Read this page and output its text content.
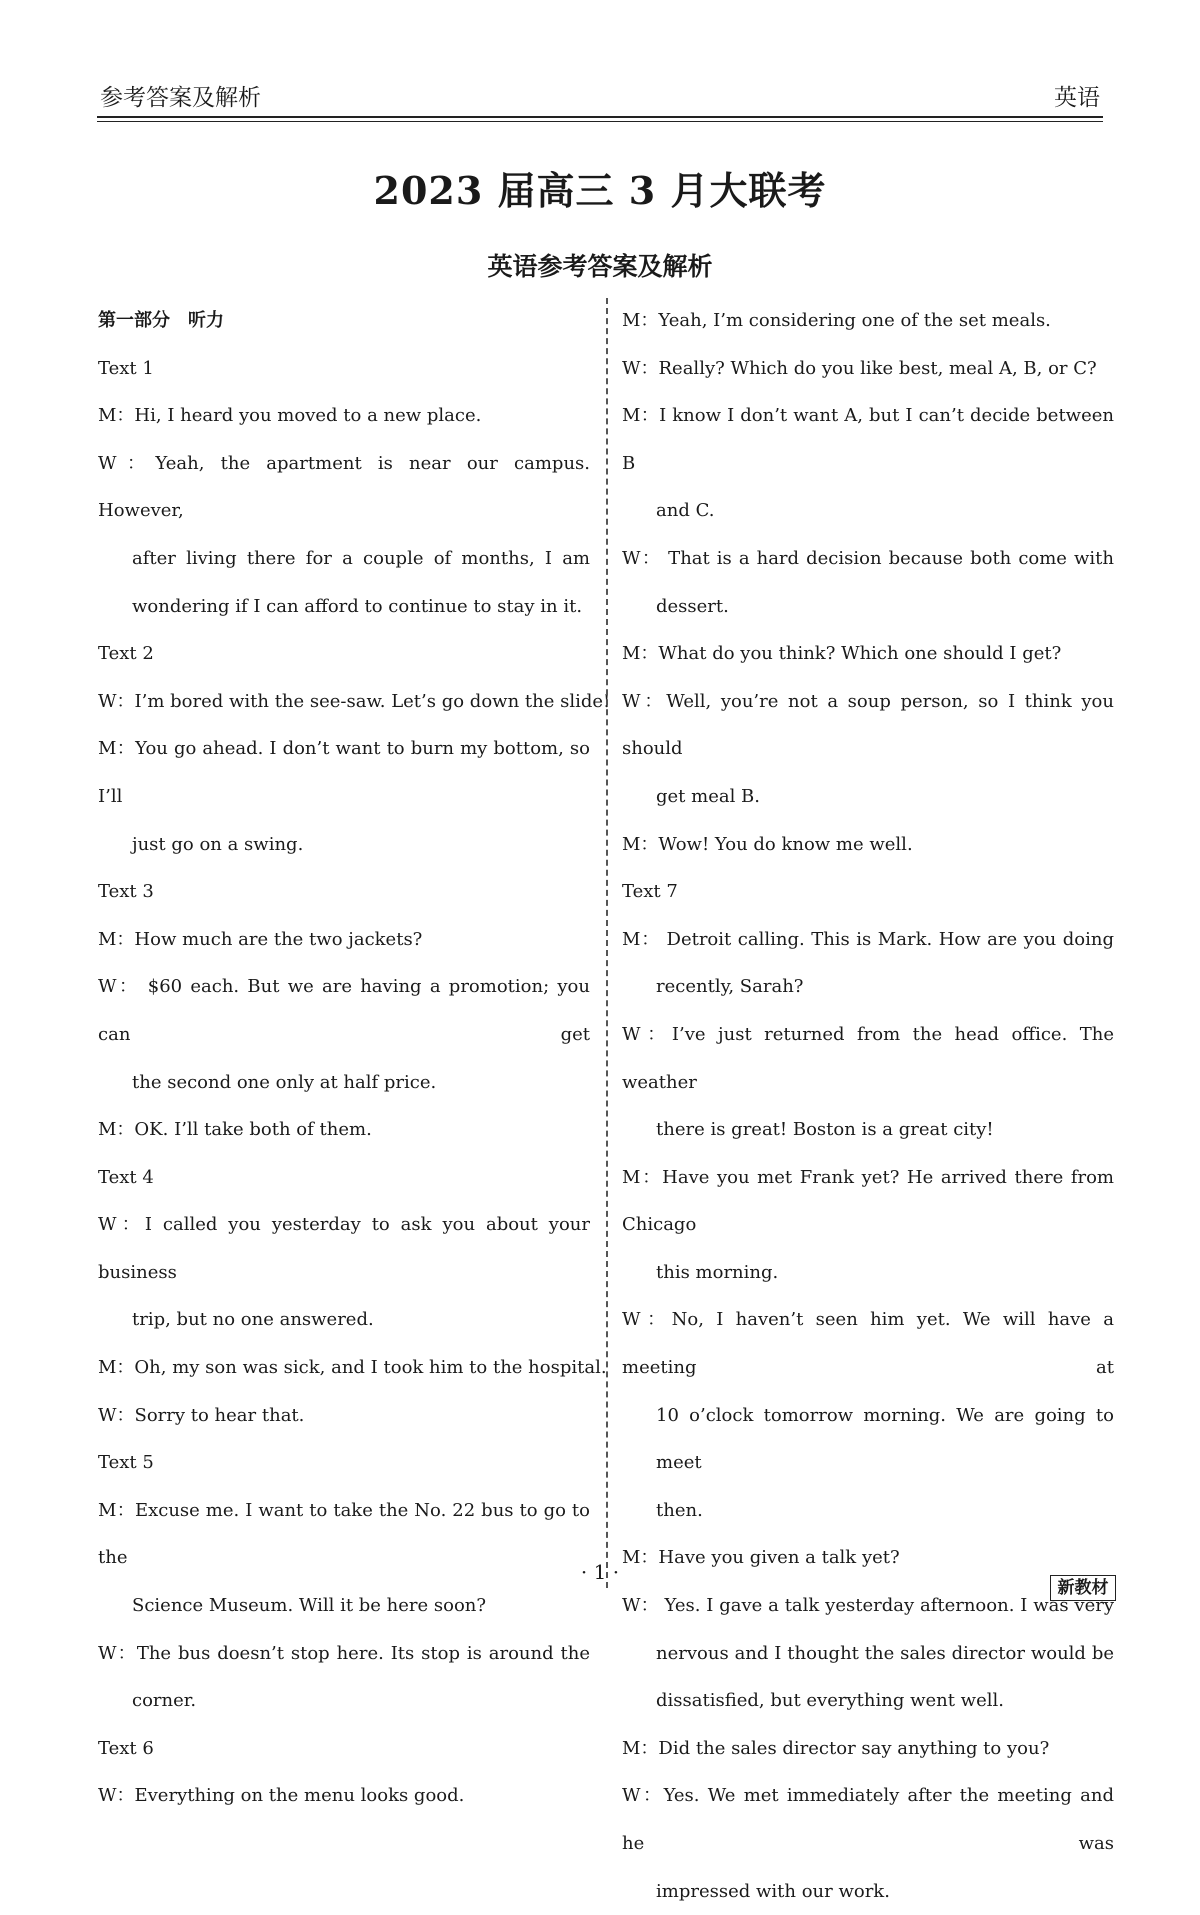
参考答案及解析	英语
2023 届高三 3 月大联考
英语参考答案及解析
第一部分 听力
Text 1
M：Hi, I heard you moved to a new place.
W：Yeah, the apartment is near our campus. However,
after living there for a couple of months, I am
wondering if I can afford to continue to stay in it.
Text 2
W：I’m bored with the see-saw. Let’s go down the slide!
M：You go ahead. I don’t want to burn my bottom, so I’ll
just go on a swing.
Text 3
M：How much are the two jackets?
W： $60 each. But we are having a promotion; you can get
the second one only at half price.
M：OK. I’ll take both of them.
Text 4
W：I called you yesterday to ask you about your business
trip, but no one answered.
M：Oh, my son was sick, and I took him to the hospital.
W：Sorry to hear that.
Text 5
M：Excuse me. I want to take the No. 22 bus to go to the
Science Museum. Will it be here soon?
W：The bus doesn’t stop here. Its stop is around the
corner.
Text 6
W：Everything on the menu looks good.
M：Yeah, I’m considering one of the set meals.
W：Really? Which do you like best, meal A, B, or C?
M：I know I don’t want A, but I can’t decide between B
and C.
W： That is a hard decision because both come with
dessert.
M：What do you think? Which one should I get?
W：Well, you’re not a soup person, so I think you should
get meal B.
M：Wow! You do know me well.
Text 7
M： Detroit calling. This is Mark. How are you doing
recently, Sarah?
W：I’ve just returned from the head office. The weather
there is great! Boston is a great city!
M：Have you met Frank yet? He arrived there from Chicago
this morning.
W：No, I haven’t seen him yet. We will have a meeting at
10 o’clock tomorrow morning. We are going to meet
then.
M：Have you given a talk yet?
W： Yes. I gave a talk yesterday afternoon. I was very
nervous and I thought the sales director would be
dissatisfied, but everything went well.
M：Did the sales director say anything to you?
W：Yes. We met immediately after the meeting and he was
impressed with our work.
· 1 ·
新教材
